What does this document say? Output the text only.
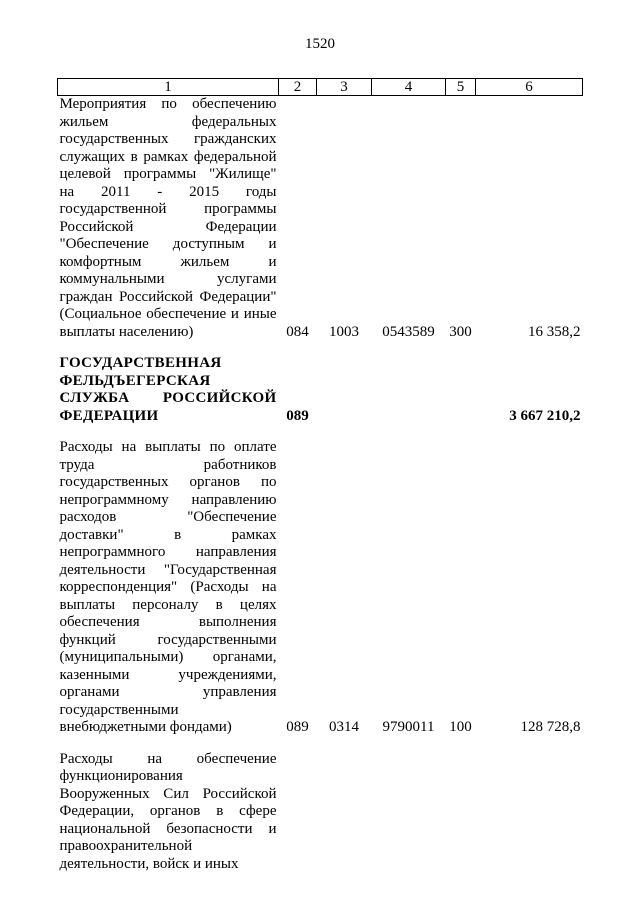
1520
1	2	3	4	5	6
Мероприятия по обеспечению жильем федеральных государственных гражданских служащих в рамках федеральной целевой программы "Жилище" на 2011 - 2015 годы государственной программы Российской Федерации "Обеспечение доступным и комфортным жильем и коммунальными услугами граждан Российской Федерации" (Социальное обеспечение и иные выплаты населению)	084	1003	0543589	300	16 358,2

ГОСУДАРСТВЕННАЯ ФЕЛЬДЪЕГЕРСКАЯ СЛУЖБА РОССИЙСКОЙ ФЕДЕРАЦИИ	089				3 667 210,2

Расходы на выплаты по оплате труда работников государственных органов по непрограммному направлению расходов "Обеспечение доставки" в рамках непрограммного направления деятельности "Государственная корреспонденция" (Расходы на выплаты персоналу в целях обеспечения выполнения функций государственными (муниципальными) органами, казенными учреждениями, органами управления государственными внебюджетными фондами)	089	0314	9790011	100	128 728,8

Расходы на обеспечение функционирования Вооруженных Сил Российской Федерации, органов в сфере национальной безопасности и правоохранительной деятельности, войск и иных					
